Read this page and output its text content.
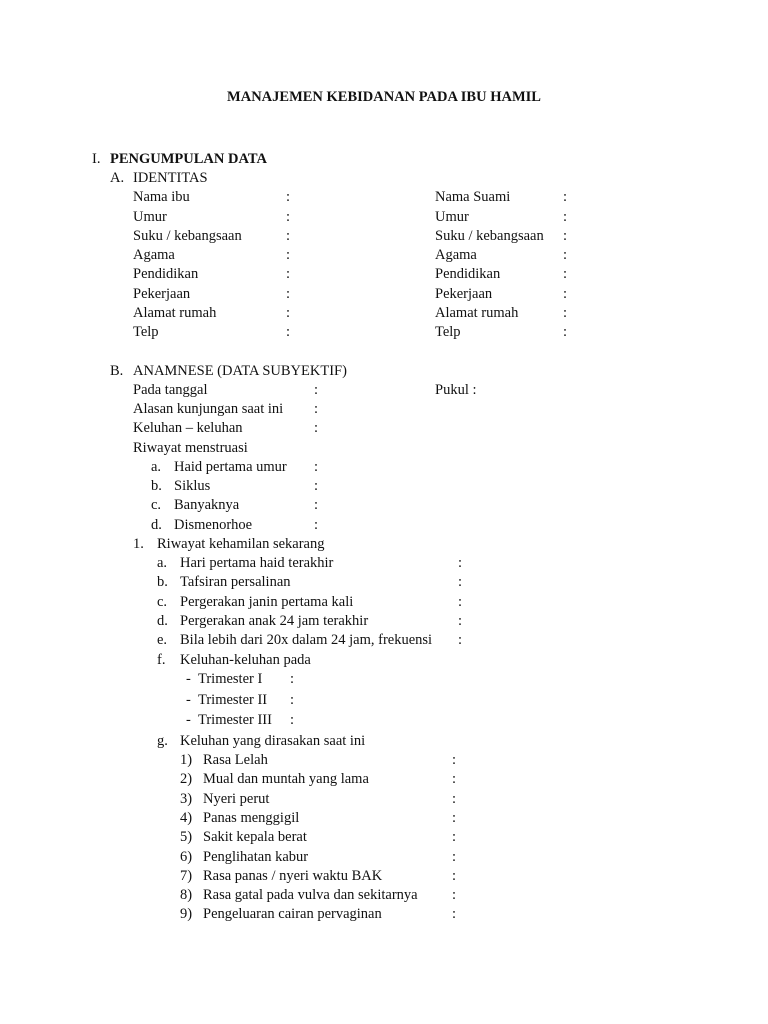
MANAJEMEN KEBIDANAN PADA IBU HAMIL
I. PENGUMPULAN DATA
A. IDENTITAS
Nama ibu	:	Nama Suami	:
Umur	:	Umur	:
Suku / kebangsaan	:	Suku / kebangsaan :
Agama	:	Agama	:
Pendidikan	:	Pendidikan	:
Pekerjaan	:	Pekerjaan	:
Alamat rumah	:	Alamat rumah	:
Telp	:	Telp	:
B. ANAMNESE (DATA SUBYEKTIF)
Pada tanggal	:	Pukul :
Alasan kunjungan saat ini :
Keluhan – keluhan	:
Riwayat menstruasi
a. Haid pertama umur :
b. Siklus	:
c. Banyaknya	:
d. Dismenorhoe	:
1. Riwayat kehamilan sekarang
a. Hari pertama haid terakhir	:
b. Tafsiran persalinan	:
c. Pergerakan janin pertama kali	:
d. Pergerakan anak 24 jam terakhir	:
e. Bila lebih dari 20x dalam 24 jam, frekuensi :
f. Keluhan-keluhan pada
- Trimester I :
- Trimester II :
- Trimester III :
g. Keluhan yang dirasakan saat ini
1) Rasa Lelah	:
2) Mual dan muntah yang lama	:
3) Nyeri perut	:
4) Panas menggigil	:
5) Sakit kepala berat	:
6) Penglihatan kabur	:
7) Rasa panas / nyeri waktu BAK	:
8) Rasa gatal pada vulva dan sekitarnya :
9) Pengeluaran cairan pervaginan	:
